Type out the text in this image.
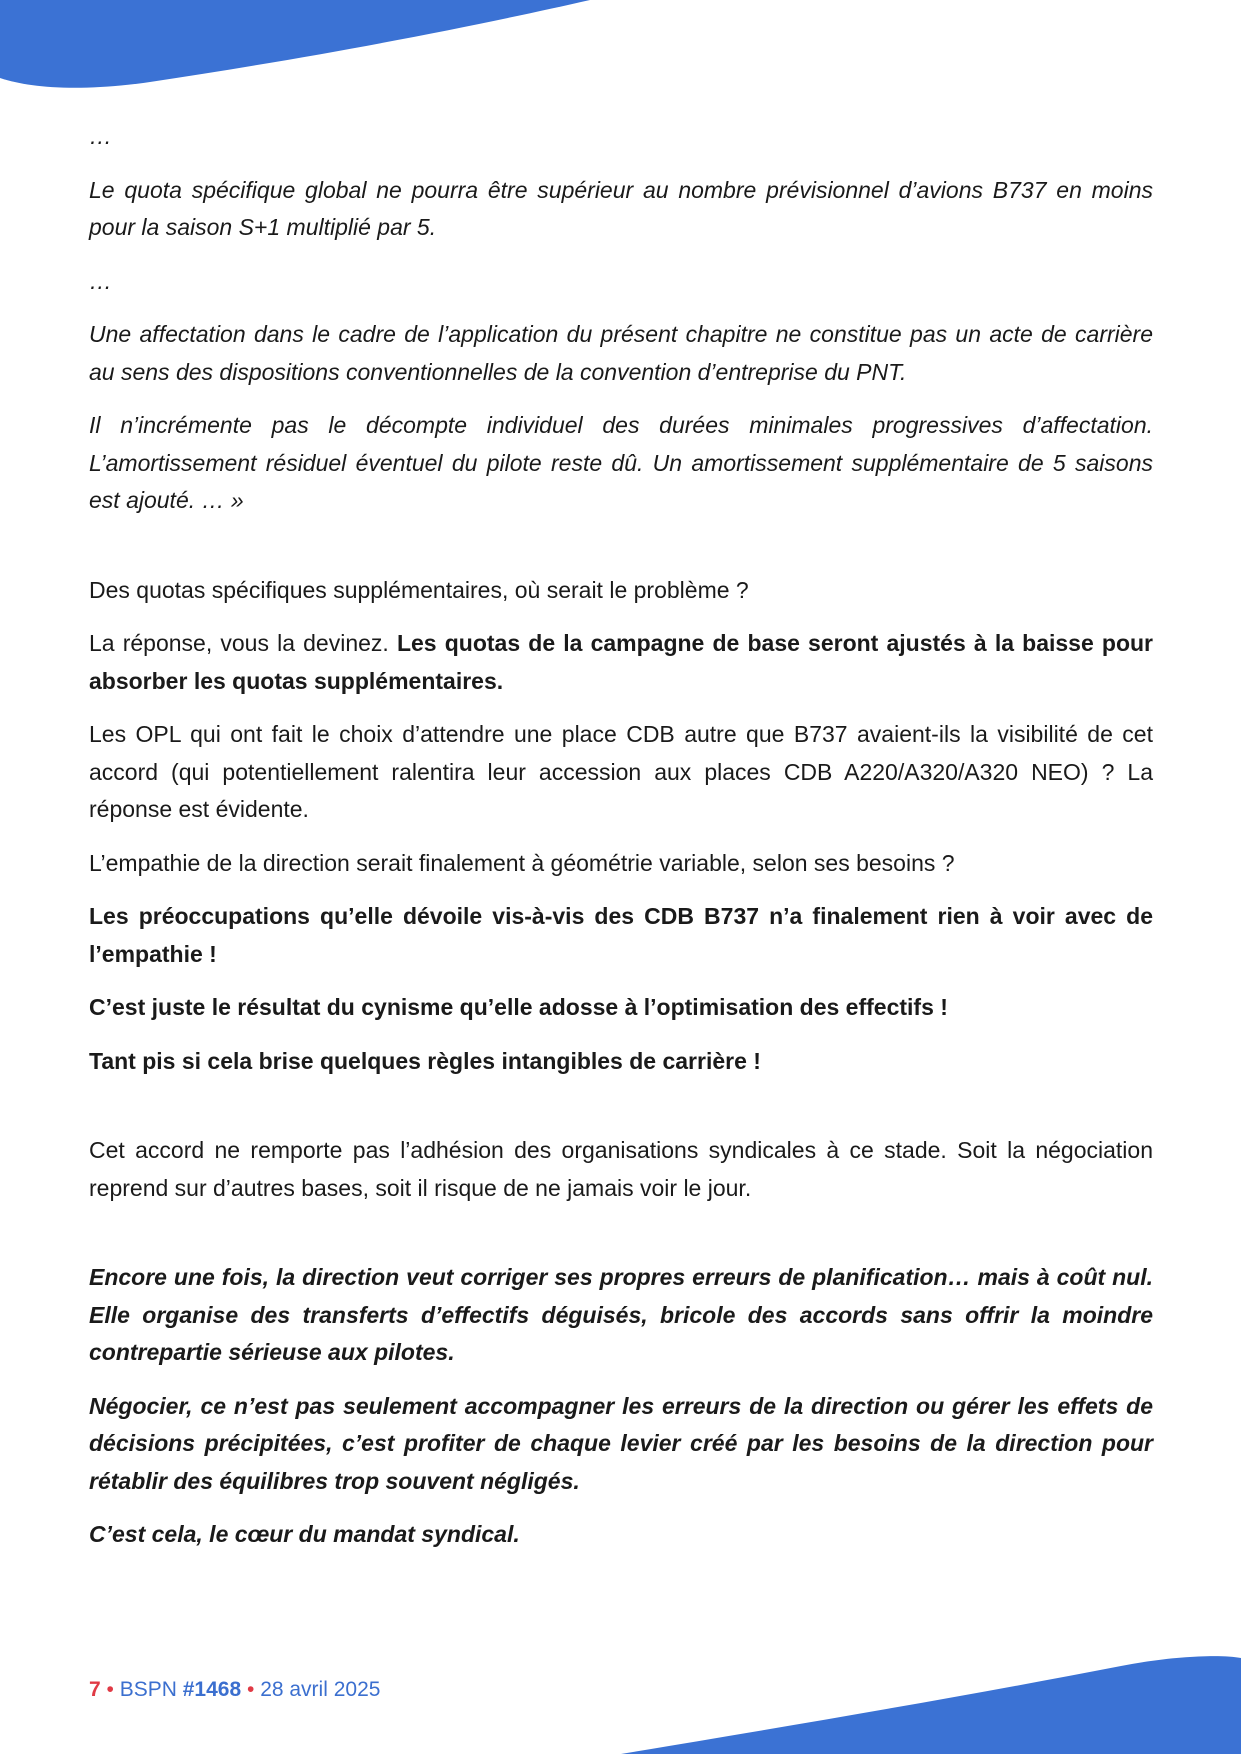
…

Le quota spécifique global ne pourra être supérieur au nombre prévisionnel d’avions B737 en moins pour la saison S+1 multiplié par 5.

…

Une affectation dans le cadre de l’application du présent chapitre ne constitue pas un acte de carrière au sens des dispositions conventionnelles de la convention d’entreprise du PNT.

Il n’incrémente pas le décompte individuel des durées minimales progressives d’affectation. L’amortissement résiduel éventuel du pilote reste dû. Un amortissement supplémentaire de 5 saisons est ajouté. … »

Des quotas spécifiques supplémentaires, où serait le problème ?

La réponse, vous la devinez. Les quotas de la campagne de base seront ajustés à la baisse pour absorber les quotas supplémentaires.

Les OPL qui ont fait le choix d’attendre une place CDB autre que B737 avaient-ils la visibilité de cet accord (qui potentiellement ralentira leur accession aux places CDB A220/A320/A320 NEO) ? La réponse est évidente.

L’empathie de la direction serait finalement à géométrie variable, selon ses besoins ?

Les préoccupations qu’elle dévoile vis-à-vis des CDB B737 n’a finalement rien à voir avec de l’empathie !

C’est juste le résultat du cynisme qu’elle adosse à l’optimisation des effectifs !

Tant pis si cela brise quelques règles intangibles de carrière !

Cet accord ne remporte pas l’adhésion des organisations syndicales à ce stade. Soit la négociation reprend sur d’autres bases, soit il risque de ne jamais voir le jour.

Encore une fois, la direction veut corriger ses propres erreurs de planification… mais à coût nul. Elle organise des transferts d’effectifs déguisés, bricole des accords sans offrir la moindre contrepartie sérieuse aux pilotes.

Négocier, ce n’est pas seulement accompagner les erreurs de la direction ou gérer les effets de décisions précipitées, c’est profiter de chaque levier créé par les besoins de la direction pour rétablir des équilibres trop souvent négligés.

C’est cela, le cœur du mandat syndical.

7 • BSPN #1468 • 28 avril 2025
